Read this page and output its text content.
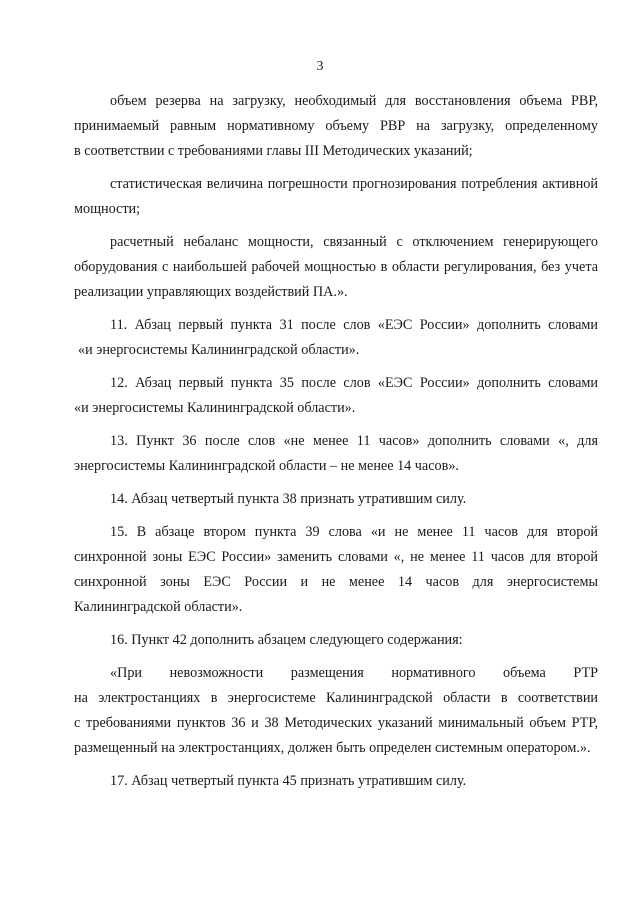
3
объем резерва на загрузку, необходимый для восстановления объема РВР,
принимаемый равным нормативному объему РВР на загрузку, определенному
в соответствии с требованиями главы III Методических указаний;
статистическая величина погрешности прогнозирования потребления активной
мощности;
расчетный небаланс мощности, связанный с отключением генерирующего
оборудования с наибольшей рабочей мощностью в области регулирования, без учета
реализации управляющих воздействий ПА.».
11. Абзац первый пункта 31 после слов «ЕЭС России» дополнить словами
«и энергосистемы Калининградской области».
12. Абзац первый пункта 35 после слов «ЕЭС России» дополнить словами
«и энергосистемы Калининградской области».
13. Пункт 36 после слов «не менее 11 часов» дополнить словами «, для
энергосистемы Калининградской области – не менее 14 часов».
14. Абзац четвертый пункта 38 признать утратившим силу.
15. В абзаце втором пункта 39 слова «и не менее 11 часов для второй
синхронной зоны ЕЭС России» заменить словами «, не менее 11 часов для второй
синхронной зоны ЕЭС России и не менее 14 часов для энергосистемы
Калининградской области».
16. Пункт 42 дополнить абзацем следующего содержания:
«При невозможности размещения нормативного объема РТР
на электростанциях в энергосистеме Калининградской области в соответствии
с требованиями пунктов 36 и 38 Методических указаний минимальный объем РТР,
размещенный на электростанциях, должен быть определен системным оператором.».
17. Абзац четвертый пункта 45 признать утратившим силу.
